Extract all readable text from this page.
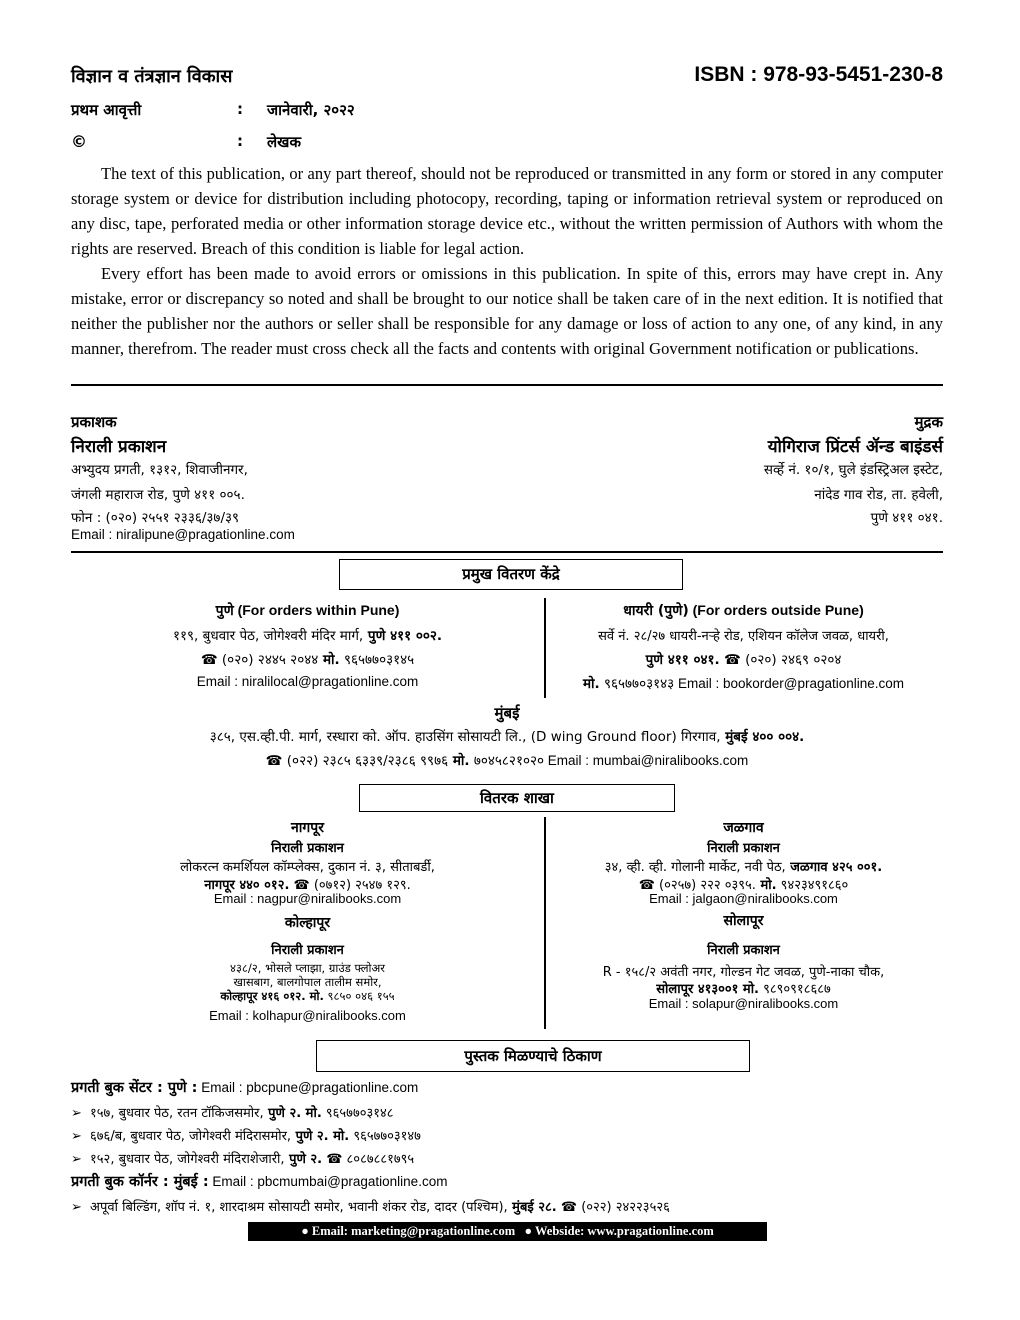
विज्ञान व तंत्रज्ञान विकास	ISBN : 978-93-5451-230-8
प्रथम आवृत्ती	: जानेवारी, २०२२
©	: लेखक
The text of this publication, or any part thereof, should not be reproduced or transmitted in any form or stored in any computer storage system or device for distribution including photocopy, recording, taping or information retrieval system or reproduced on any disc, tape, perforated media or other information storage device etc., without the written permission of Authors with whom the rights are reserved. Breach of this condition is liable for legal action.
Every effort has been made to avoid errors or omissions in this publication. In spite of this, errors may have crept in. Any mistake, error or discrepancy so noted and shall be brought to our notice shall be taken care of in the next edition. It is notified that neither the publisher nor the authors or seller shall be responsible for any damage or loss of action to any one, of any kind, in any manner, therefrom. The reader must cross check all the facts and contents with original Government notification or publications.
प्रकाशक
निराली प्रकाशन
अभ्युदय प्रगती, १३१२, शिवाजीनगर,
जंगली महाराज रोड, पुणे ४११ ००५.
फोन : (०२०) २५५१ २३३६/३७/३९
Email : niralipune@pragationline.com
मुद्रक
योगिराज प्रिंटर्स ॲन्ड बाइंडर्स
सर्व्हे नं. १०/१, घुले इंडस्ट्रिअल इस्टेट,
नांदेड गाव रोड, ता. हवेली,
पुणे ४११ ०४१.
प्रमुख वितरण केंद्रे
पुणे (For orders within Pune)
११९, बुधवार पेठ, जोगेश्वरी मंदिर मार्ग, पुणे ४११ ००२.
☎ (०२०) २४४५ २०४४ मो. ९६५७७०३१४५
Email : niralilocal@pragationline.com
धायरी (पुणे) (For orders outside Pune)
सर्वे नं. २८/२७ धायरी-नऱ्हे रोड, एशियन कॉलेज जवळ, धायरी,
पुणे ४११ ०४१. ☎ (०२०) २४६९ ०२०४
मो. ९६५७७०३१४३ Email : bookorder@pragationline.com
मुंबई
३८५, एस.व्ही.पी. मार्ग, रस्धारा को. ऑप. हाउसिंग सोसायटी लि., (D wing Ground floor) गिरगाव, मुंबई ४०० ००४.
☎ (०२२) २३८५ ६३३९/२३८६ ९९७६ मो. ७०४५८२१०२० Email : mumbai@niralibooks.com
वितरक शाखा
नागपूर
निराली प्रकाशन
लोकरत्न कमर्शियल कॉम्प्लेक्स, दुकान नं. ३, सीताबर्डी,
नागपूर ४४० ०१२. ☎ (०७१२) २५४७ १२९.
Email : nagpur@niralibooks.com
जळगाव
निराली प्रकाशन
३४, व्ही. व्ही. गोलानी मार्केट, नवी पेठ, जळगाव ४२५ ००१.
☎ (०२५७) २२२ ०३९५. मो. ९४२३४९१८६०
Email : jalgaon@niralibooks.com
कोल्हापूर
निराली प्रकाशन
४३८/२, भोसले प्लाझा, ग्राउंड फ्लोअर
खासबाग, बालगोपाल तालीम समोर,
कोल्हापूर ४१६ ०१२. मो. ९८५० ०४६ १५५
Email : kolhapur@niralibooks.com
सोलापूर
निराली प्रकाशन
R - १५८/२ अवंती नगर, गोल्डन गेट जवळ, पुणे-नाका चौक,
सोलापूर ४१३००१ मो. ९८९०९१८६८७
Email : solapur@niralibooks.com
पुस्तक मिळण्याचे ठिकाण
प्रगती बुक सेंटर : पुणे : Email : pbcpune@pragationline.com
➢ १५७, बुधवार पेठ, रतन टॉकिजसमोर, पुणे २. मो. ९६५७७०३१४८
➢ ६७६/ब, बुधवार पेठ, जोगेश्वरी मंदिरासमोर, पुणे २. मो. ९६५७७०३१४७
➢ १५२, बुधवार पेठ, जोगेश्वरी मंदिराशेजारी, पुणे २. ☎ ८०८७८८१७९५
प्रगती बुक कॉर्नर : मुंबई : Email : pbcmumbai@pragationline.com
➢ अपूर्वा बिल्डिंग, शॉप नं. १, शारदाश्रम सोसायटी समोर, भवानी शंकर रोड, दादर (पश्चिम), मुंबई २८. ☎ (०२२) २४२२३५२६
● Email: marketing@pragationline.com ● Webside: www.pragationline.com
